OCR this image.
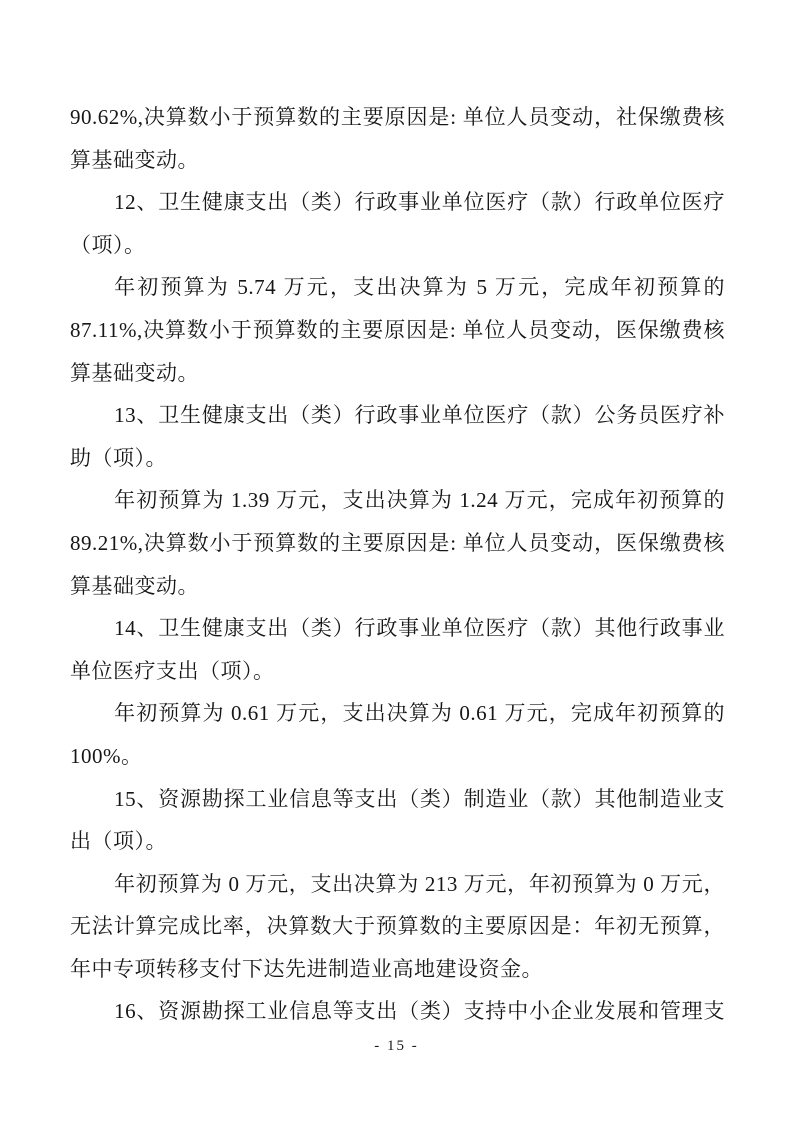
90.62%,决算数小于预算数的主要原因是: 单位人员变动，社保缴费核
算基础变动。
12、卫生健康支出（类）行政事业单位医疗（款）行政单位医疗
（项）。
年初预算为 5.74 万元，支出决算为 5 万元，完成年初预算的
87.11%,决算数小于预算数的主要原因是: 单位人员变动，医保缴费核
算基础变动。
13、卫生健康支出（类）行政事业单位医疗（款）公务员医疗补
助（项）。
年初预算为 1.39 万元，支出决算为 1.24 万元，完成年初预算的
89.21%,决算数小于预算数的主要原因是: 单位人员变动，医保缴费核
算基础变动。
14、卫生健康支出（类）行政事业单位医疗（款）其他行政事业
单位医疗支出（项）。
年初预算为 0.61 万元，支出决算为 0.61 万元，完成年初预算的
100%。
15、资源勘探工业信息等支出（类）制造业（款）其他制造业支
出（项）。
年初预算为 0 万元，支出决算为 213 万元，年初预算为 0 万元，
无法计算完成比率，决算数大于预算数的主要原因是：年初无预算，
年中专项转移支付下达先进制造业高地建设资金。
16、资源勘探工业信息等支出（类）支持中小企业发展和管理支
- 15 -
